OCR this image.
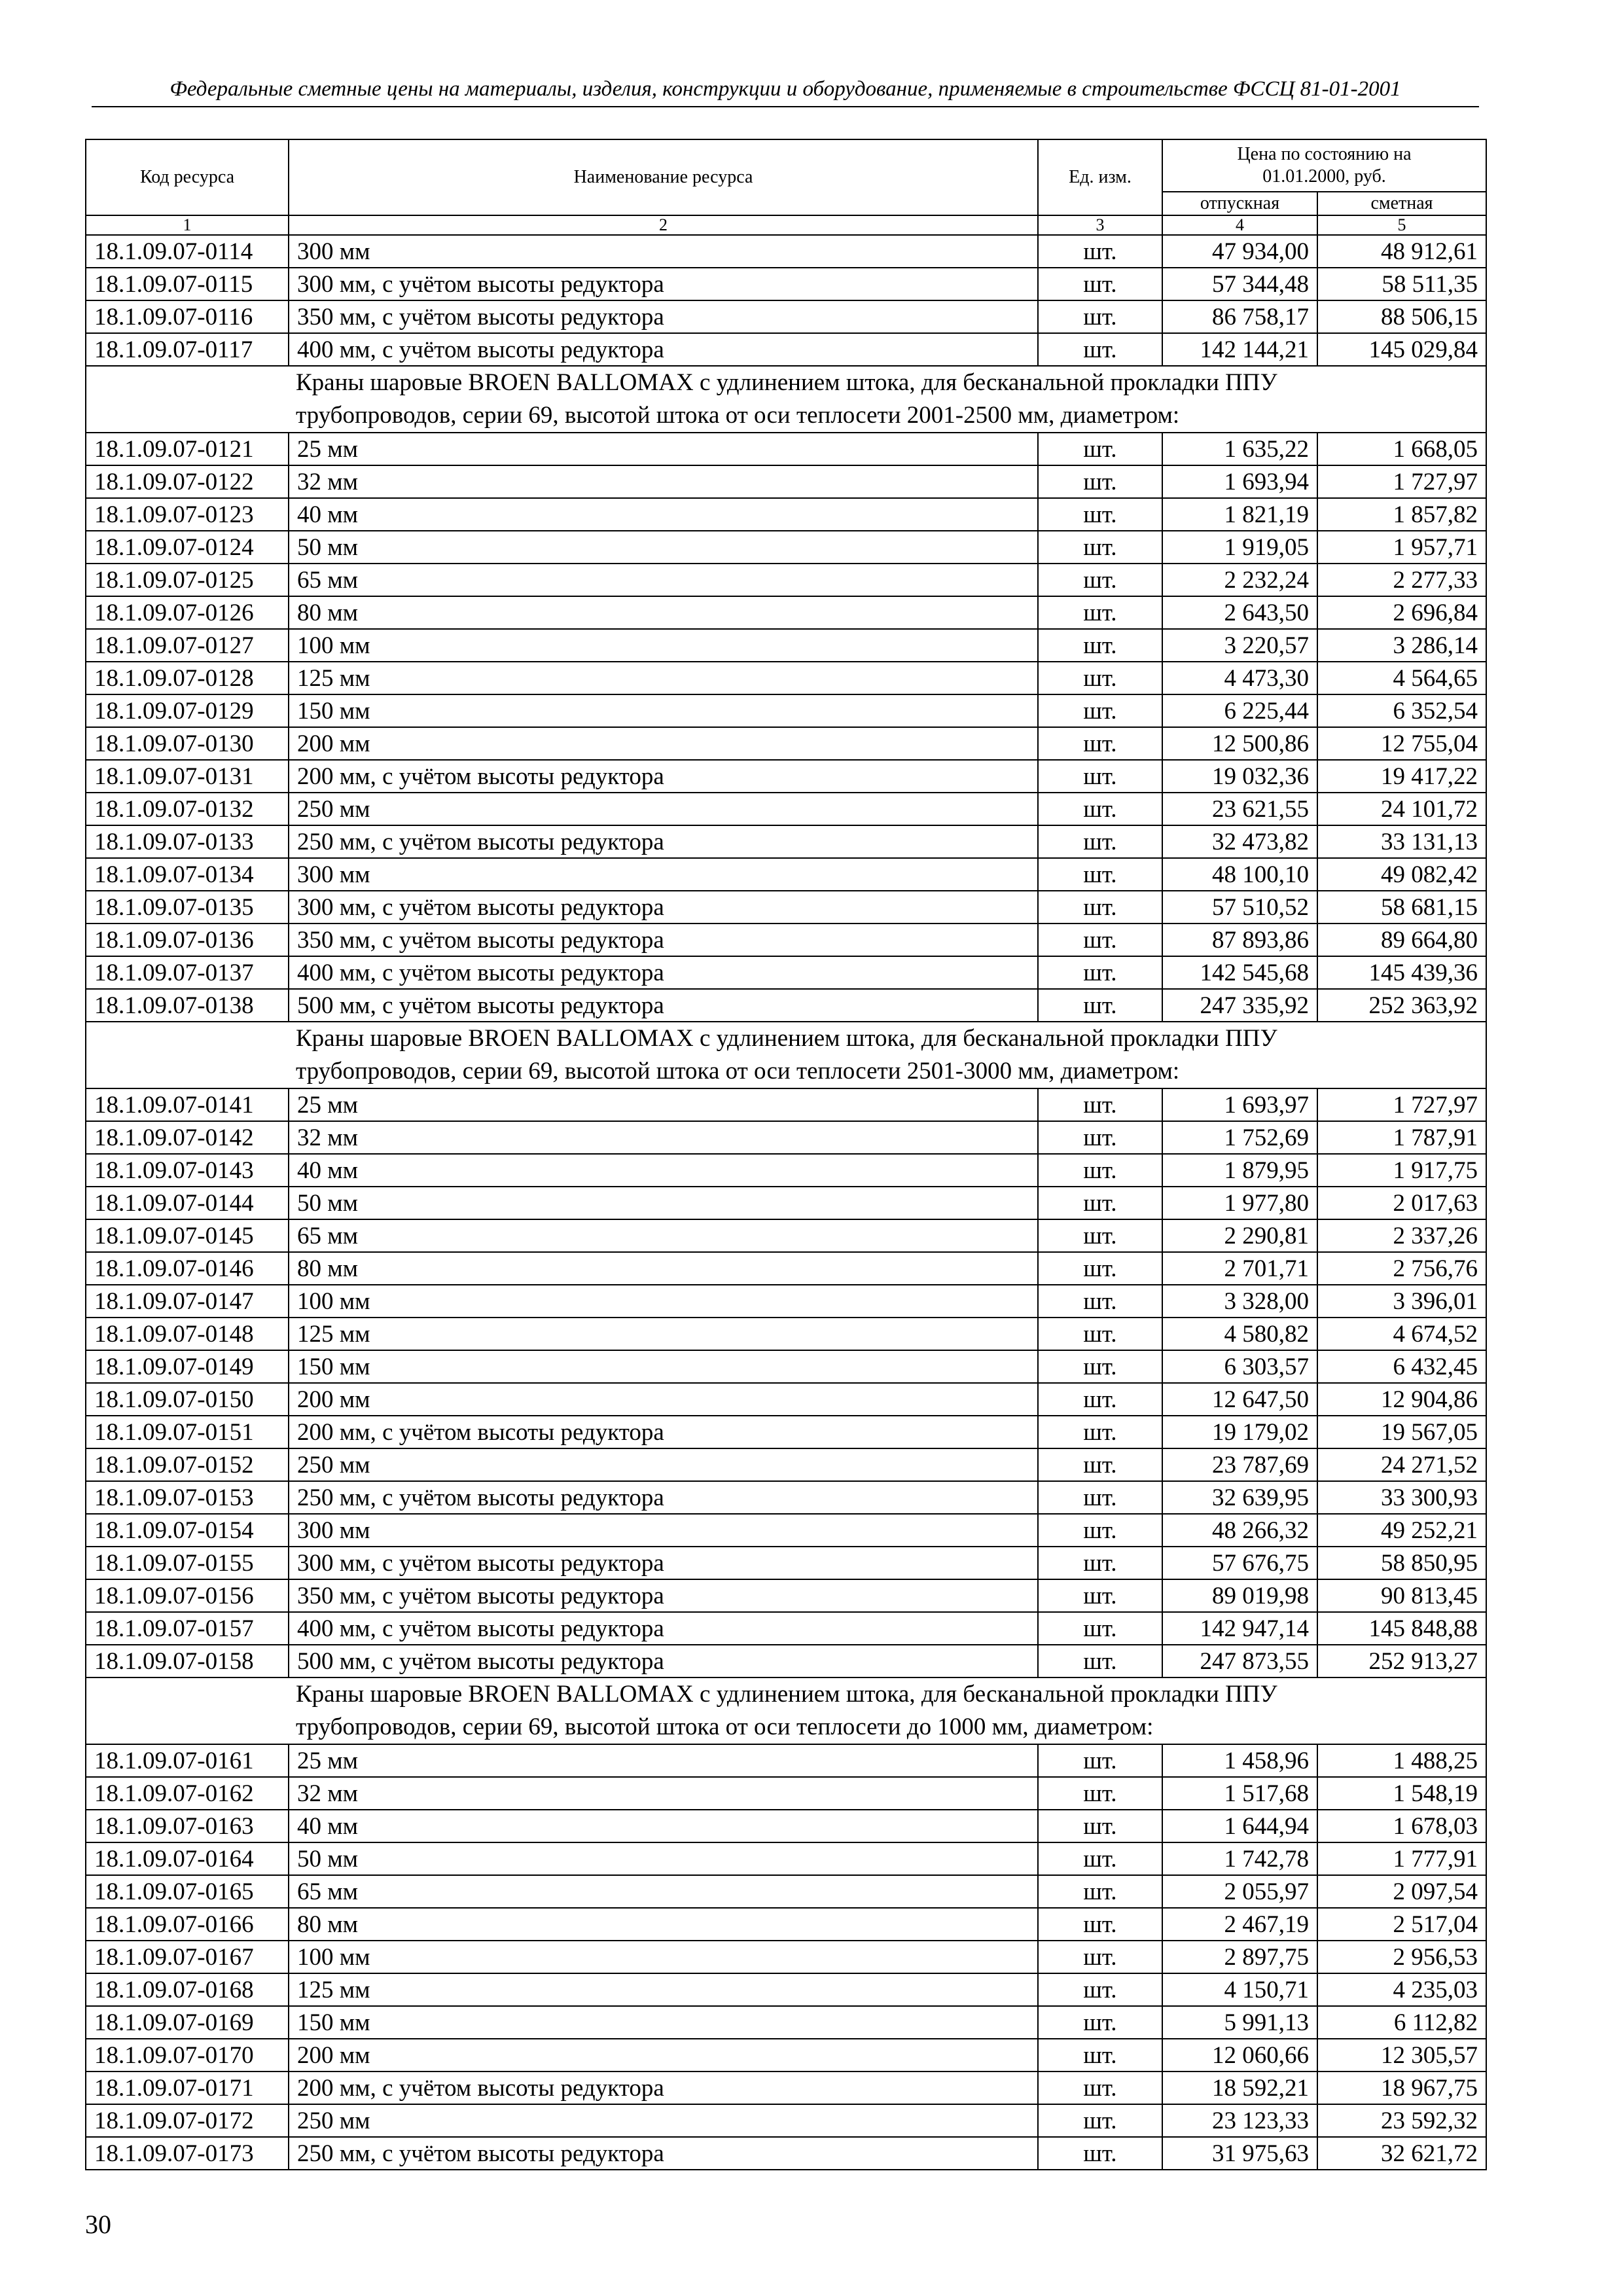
Федеральные сметные цены на материалы, изделия, конструкции и оборудование, применяемые в строительстве ФССЦ 81-01-2001
Код ресурса	Наименование ресурса	Ед. изм.	Цена по состоянию на
01.01.2000, руб.	

			отпускная	сметная
1	2	3	4	5
18.1.09.07-0114	300 мм	шт.	47 934,00	48 912,61
18.1.09.07-0115	300 мм, с учётом высоты редуктора	шт.	57 344,48	58 511,35
18.1.09.07-0116	350 мм, с учётом высоты редуктора	шт.	86 758,17	88 506,15
18.1.09.07-0117	400 мм, с учётом высоты редуктора	шт.	142 144,21	145 029,84

Краны шаровые BROEN BALLOMAX с удлинением штока, для бесканальной прокладки ППУ
трубопроводов, серии 69, высотой штока от оси теплосети 2001-2500 мм, диаметром:				

18.1.09.07-0121	25 мм	шт.	1 635,22	1 668,05
18.1.09.07-0122	32 мм	шт.	1 693,94	1 727,97
18.1.09.07-0123	40 мм	шт.	1 821,19	1 857,82
18.1.09.07-0124	50 мм	шт.	1 919,05	1 957,71
18.1.09.07-0125	65 мм	шт.	2 232,24	2 277,33
18.1.09.07-0126	80 мм	шт.	2 643,50	2 696,84
18.1.09.07-0127	100 мм	шт.	3 220,57	3 286,14
18.1.09.07-0128	125 мм	шт.	4 473,30	4 564,65
18.1.09.07-0129	150 мм	шт.	6 225,44	6 352,54
18.1.09.07-0130	200 мм	шт.	12 500,86	12 755,04
18.1.09.07-0131	200 мм, с учётом высоты редуктора	шт.	19 032,36	19 417,22
18.1.09.07-0132	250 мм	шт.	23 621,55	24 101,72
18.1.09.07-0133	250 мм, с учётом высоты редуктора	шт.	32 473,82	33 131,13
18.1.09.07-0134	300 мм	шт.	48 100,10	49 082,42
18.1.09.07-0135	300 мм, с учётом высоты редуктора	шт.	57 510,52	58 681,15
18.1.09.07-0136	350 мм, с учётом высоты редуктора	шт.	87 893,86	89 664,80
18.1.09.07-0137	400 мм, с учётом высоты редуктора	шт.	142 545,68	145 439,36
18.1.09.07-0138	500 мм, с учётом высоты редуктора	шт.	247 335,92	252 363,92

Краны шаровые BROEN BALLOMAX с удлинением штока, для бесканальной прокладки ППУ
трубопроводов, серии 69, высотой штока от оси теплосети 2501-3000 мм, диаметром:				

18.1.09.07-0141	25 мм	шт.	1 693,97	1 727,97
18.1.09.07-0142	32 мм	шт.	1 752,69	1 787,91
18.1.09.07-0143	40 мм	шт.	1 879,95	1 917,75
18.1.09.07-0144	50 мм	шт.	1 977,80	2 017,63
18.1.09.07-0145	65 мм	шт.	2 290,81	2 337,26
18.1.09.07-0146	80 мм	шт.	2 701,71	2 756,76
18.1.09.07-0147	100 мм	шт.	3 328,00	3 396,01
18.1.09.07-0148	125 мм	шт.	4 580,82	4 674,52
18.1.09.07-0149	150 мм	шт.	6 303,57	6 432,45
18.1.09.07-0150	200 мм	шт.	12 647,50	12 904,86
18.1.09.07-0151	200 мм, с учётом высоты редуктора	шт.	19 179,02	19 567,05
18.1.09.07-0152	250 мм	шт.	23 787,69	24 271,52
18.1.09.07-0153	250 мм, с учётом высоты редуктора	шт.	32 639,95	33 300,93
18.1.09.07-0154	300 мм	шт.	48 266,32	49 252,21
18.1.09.07-0155	300 мм, с учётом высоты редуктора	шт.	57 676,75	58 850,95
18.1.09.07-0156	350 мм, с учётом высоты редуктора	шт.	89 019,98	90 813,45
18.1.09.07-0157	400 мм, с учётом высоты редуктора	шт.	142 947,14	145 848,88
18.1.09.07-0158	500 мм, с учётом высоты редуктора	шт.	247 873,55	252 913,27

Краны шаровые BROEN BALLOMAX с удлинением штока, для бесканальной прокладки ППУ
трубопроводов, серии 69, высотой штока от оси теплосети до 1000 мм, диаметром:				

18.1.09.07-0161	25 мм	шт.	1 458,96	1 488,25
18.1.09.07-0162	32 мм	шт.	1 517,68	1 548,19
18.1.09.07-0163	40 мм	шт.	1 644,94	1 678,03
18.1.09.07-0164	50 мм	шт.	1 742,78	1 777,91
18.1.09.07-0165	65 мм	шт.	2 055,97	2 097,54
18.1.09.07-0166	80 мм	шт.	2 467,19	2 517,04
18.1.09.07-0167	100 мм	шт.	2 897,75	2 956,53
18.1.09.07-0168	125 мм	шт.	4 150,71	4 235,03
18.1.09.07-0169	150 мм	шт.	5 991,13	6 112,82
18.1.09.07-0170	200 мм	шт.	12 060,66	12 305,57
18.1.09.07-0171	200 мм, с учётом высоты редуктора	шт.	18 592,21	18 967,75
18.1.09.07-0172	250 мм	шт.	23 123,33	23 592,32
18.1.09.07-0173	250 мм, с учётом высоты редуктора	шт.	31 975,63	32 621,72
30
